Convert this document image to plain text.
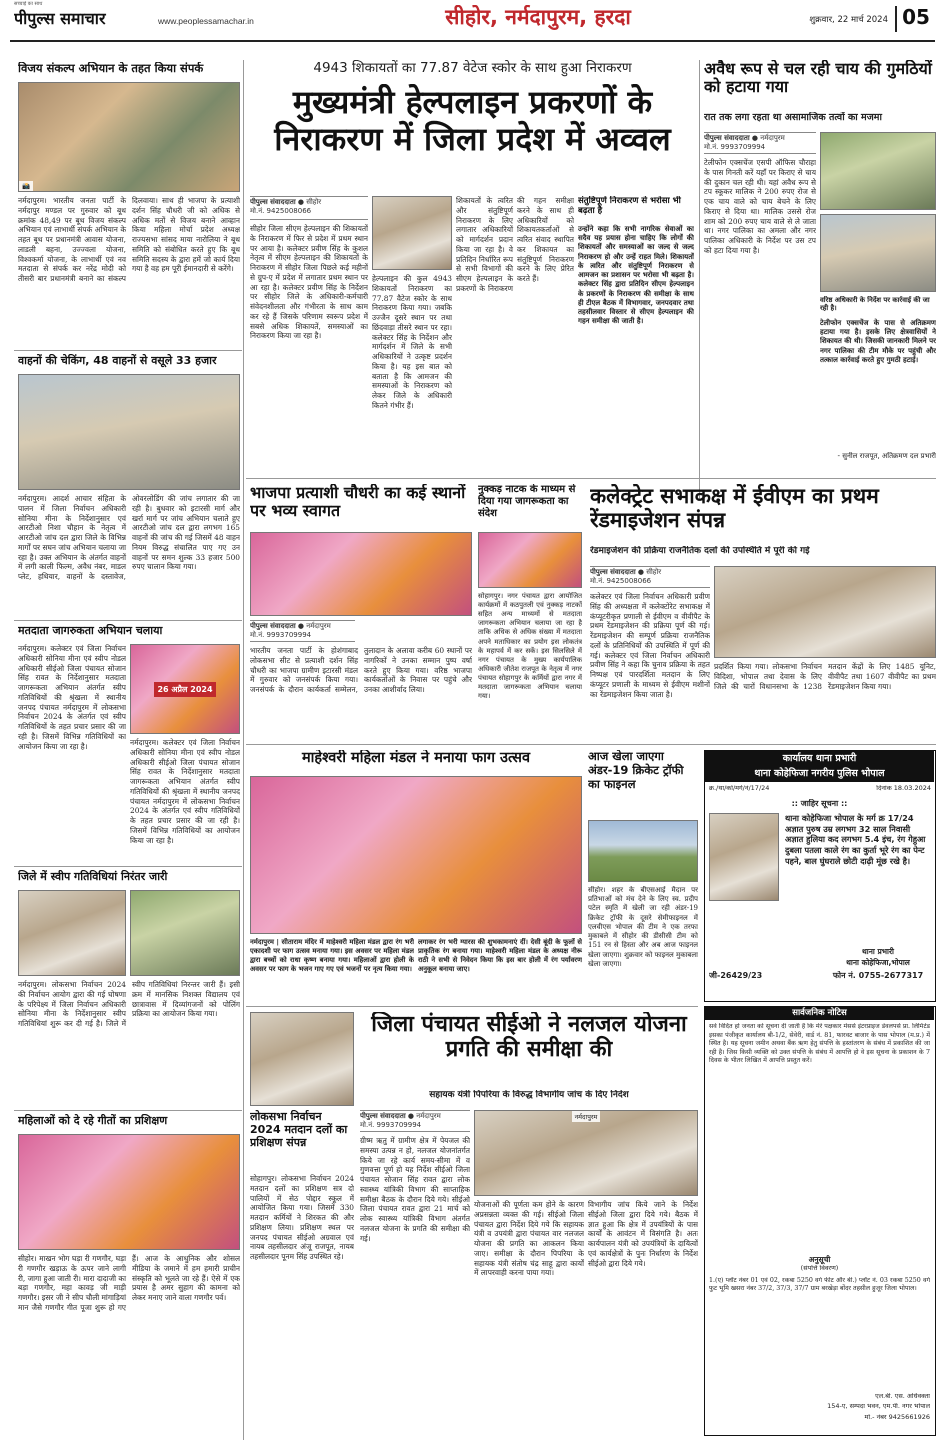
पीपुल्स समाचार
सच्चाई का साथ
www.peoplessamachar.in	सीहोर, नर्मदापुरम, हरदा	शुक्रवार, 22 मार्च 2024 05
विजय संकल्प अभियान के तहत किया संपर्क
📸
नर्मदापुरम। भारतीय जनता पार्टी के नर्मदापुर मण्डल पर गुरुवार को बूथ क्रमांक 48,49 पर बूथ विजय संकल्प अभियान एवं लाभार्थी संपर्क अभियान के तहत बूथ पर प्रधानमंत्री आवास योजना, लाडली बहना, उज्ज्वला योजना, विश्वकर्मा योजना, के लाभार्थी एवं नव मतदाता से संपर्क कर नरेंद्र मोदी को तीसरी बार प्रधानमंत्री बनाने का संकल्प दिलवाया। साथ ही भाजपा के प्रत्याशी दर्शन सिंह चौधरी जी को अधिक से अधिक मतों से विजय बनाने आव्हान किया महिला मोर्चा प्रदेश अध्यक्ष राज्यसभा सांसद माया नारोलिया ने बूथ समिति को संबोधित करते हुए कि बूथ समिति सदस्य के द्वारा हमें जो कार्य दिया गया है वह हम पूरी ईमानदारी से करेंगे।
वाहनों की चेकिंग, 48 वाहनों से वसूले 33 हजार
नर्मदापुरम। आदर्श आचार संहिता के पालन में जिला निर्वाचन अधिकारी सोनिया मीना के निर्देशानुसार एवं आरटीओ निशा चौहान के नेतृत्व में आरटीओ जांच दल द्वारा जिले के विभिन्न मार्गों पर सघन जांच अभियान चलाया जा रहा है। उक्त अभियान के अंतर्गत वाहनों में लगी काली फिल्म, अवैध नंबर, माडल प्लेट, हथियार, वाहनों के दस्तावेज, ओवरलोडिंग की जांच लगातार की जा रही है। बुधवार को इटारसी मार्ग और खर्रा मार्ग पर जांच अभियान चलाते हुए आरटीओ जांच दल द्वारा लगभग 165 वाहनों की जांच की गई जिसमें 48 वाहन नियम विरुद्ध संचालित पाए गए उन वाहनों पर समन शुल्क 33 हजार 500 रुपए चालान किया गया।
मतदाता जागरुकता अभियान चलाया
नर्मदापुरम। कलेक्टर एवं जिला निर्वाचन अधिकारी सोनिया मीना एवं स्वीप नोडल अधिकारी सीईओ जिला पंचायत सोजान सिंह रावत के निर्देशानुसार मतदाता जागरूकता अभियान अंतर्गत स्वीप गतिविधियों की श्रृंखला में स्थानीय जनपद पंचायत नर्मदापुरम में लोकसभा निर्वाचन 2024 के अंतर्गत एवं स्वीप गतिविधियों के तहत प्रचार प्रसार की जा रही है। जिसमें विभिन्न गतिविधियों का आयोजन किया जा रहा है।
26 अप्रैल 2024
नर्मदापुरम। कलेक्टर एवं जिला निर्वाचन अधिकारी सोनिया मीना एवं स्वीप नोडल अधिकारी सीईओ जिला पंचायत सोजान सिंह रावत के निर्देशानुसार मतदाता जागरूकता अभियान अंतर्गत स्वीप गतिविधियों की श्रृंखला में स्थानीय जनपद पंचायत नर्मदापुरम में लोकसभा निर्वाचन 2024 के अंतर्गत एवं स्वीप गतिविधियों के तहत प्रचार प्रसार की जा रही है। जिसमें विभिन्न गतिविधियों का आयोजन किया जा रहा है।
जिले में स्वीप गतिविधियां निरंतर जारी
नर्मदापुरम। लोकसभा निर्वाचन 2024 की निर्वाचन आयोग द्वारा की गई घोषणा के परिपेक्ष्य में जिला निर्वाचन अधिकारी सोनिया मीना के निर्देशानुसार स्वीप गतिविधियां शुरू कर दी गई है। जिले में स्वीप गतिविधियां निरन्तर जारी हैं। इसी क्रम में मानसिक निशक्त विद्यालय एवं छात्रावास में दिव्यांगजनों को पोलिंग प्रक्रिया का आयोजन किया गया।
महिलाओं को दे रहे गीतों का प्रशिक्षण
सीहोर। माखन भोग घड़ा री गणगौर, घड़ा री गणगौर खड़ाऊ के ऊपर जाने लागी री, जागा हुआ जाती री। मारा दादाजी का बड़ा गणगौर, महा कावड़ जी माड़ी गणगौर। इसर जी ने सीप चौली मांगाड़ियां मान जैसे गणगौर गीत पूजा शुरू हो गए हैं। आज के आधुनिक और शोसल मीडिया के जमाने में हम हमारी प्राचीन संस्कृति को भूलते जा रहे हैं। ऐसे में एक प्रयास है अमर सुहाग की कामना को लेकर मनाए जाने वाला गणगौर पर्व।
4943 शिकायतों का 77.87 वेटेज स्कोर के साथ हुआ निराकरण
मुख्यमंत्री हेल्पलाइन प्रकरणों के निराकरण में जिला प्रदेश में अव्वल
पीपुल्स संवाददाता ● सीहोर
मो.नं. 9425008066
सीहोर जिला सीएम हेल्पलाइन की शिकायतों के निराकरण में फिर से प्रदेश में प्रथम स्थान पर आया है। कलेक्टर प्रवीण सिंह के कुशल नेतृत्व में सीएम हेल्पलाइन की शिकायतों के निराकरण में सीहोर जिला पिछले कई महीनों से ग्रुप-ए में प्रदेश में लगातार प्रथम स्थान पर आ रहा है। कलेक्टर प्रवीण सिंह के निर्देशन पर सीहोर जिले के अधिकारी-कर्मचारी संवेदनशीलता और गंभीरता के साथ काम कर रहे हैं जिसके परिणाम स्वरूप प्रदेश में सबसे अधिक शिकायतें, समस्याओं का निराकरण किया जा रहा है।
हेल्पलाइन की कुल 4943 शिकायतों निराकरण का 77.87 वैटेज स्कोर के साथ निराकरण किया गया। जबकि उज्जैन दूसरे स्थान पर तथा छिंदवाड़ा तीसरे स्थान पर रहा। कलेक्टर सिंह के निर्देशन और मार्गदर्शन में जिले के सभी अधिकारियों ने उत्कृष्ट प्रदर्शन किया है। यह इस बात को बताता है कि आमजन की समस्याओं के निराकरण को लेकर जिले के अधिकारी कितने गंभीर हैं।
शिकायतों के त्वरित और संतुष्टिपूर्ण निराकरण के लिए लगातार अधिकारियों को मार्गदर्शन प्रदान किया जा रहा है। वे प्रतिदिन निर्धारित रूप से सभी विभागों की सीएम हेल्पलाइन के प्रकरणों के निराकरण की गहन समीक्षा करने के साथ ही अधिकारियों को शिकायतकर्ताओं से त्वरित संवाद स्थापित कर शिकायत का संतुष्टिपूर्ण निराकरण करने के लिए प्रेरित करते हैं।
संतुष्टिपूर्ण निराकरण से भरोसा भी बढ़ता है
उन्होंने कहा कि सभी नागरिक सेवाओं का सदैव यह प्रयास होना चाहिए कि लोगों की शिकायतों और समस्याओं का जल्द से जल्द निराकरण हो और उन्हें राहत मिले। शिकायतों के त्वरित और संतुष्टिपूर्ण निराकरण से आमजन का प्रशासन पर भरोसा भी बढ़ता है। कलेक्टर सिंह द्वारा प्रतिदिन सीएम हेल्पलाइन के प्रकरणों के निराकरण की समीक्षा के साथ ही टीएल बैठक में विभागवार, जनपदवार तथा तहसीलवार विस्तार से सीएम हेल्पलाइन की गहन समीक्षा की जाती है।
अवैध रूप से चल रही चाय की गुमठियों को हटाया गया
रात तक लगा रहता था असामाजिक तत्वों का मजमा
पीपुल्स संवाददाता ● नर्मदापुरम
मो.नं. 9993709994
टेलीफोन एक्सचेंज एसपी ऑफिस चौराहा के पास गिनती करें यहाँ पर किराए से चाय की दुकान चल रही थी। यहां अवैध रूप से टप स्कूकर मालिक ने 200 रुपए रोज से एक चाय वाले को चाय बेचने के लिए किराए से दिया था। मालिक उससे रोज शाम को 200 रुपए चाय वाले से ले जाता था। नगर पालिका का अमला और नगर पालिका अधिकारी के निर्देश पर उस टप को हटा दिया गया है।
वरिष्ठ अधिकारी के निर्देश पर कार्रवाई की जा रही है।
टेलीफोन एक्सचेंज के पास से अतिक्रमण हटाया गया है। इसके लिए क्षेत्रवासियों ने शिकायत की थी। जिसकी जानकारी मिलने पर नगर पालिका की टीम मौके पर पहुंची और तत्काल कार्रवाई करते हुए गुमठी हटाई।
- सुनील राजपूत, अतिक्रमण दल प्रभारी
भाजपा प्रत्याशी चौधरी का कई स्थानों पर भव्य स्वागत
पीपुल्स संवाददाता ● नर्मदापुरम
मो.नं. 9993709994
भारतीय जनता पार्टी के होशंगाबाद लोकसभा सीट से प्रत्याशी दर्शन सिंह चौधरी का भाजपा ग्रामीण इटारसी मंडल में गुरुवार को जनसंपर्क किया गया। जनसंपर्क के दौरान कार्यकर्ता सम्मेलन, तुलादान के अलावा करीब 60 स्थानों पर नागरिकों ने उनका सम्मान पुष्प वर्षा करते हुए किया गया। वरिष्ठ भाजपा कार्यकर्ताओं के निवास पर पहुंचे और उनका आशीर्वाद लिया।
नुक्कड़ नाटक के माध्यम से दिया गया जागरूकता का संदेश
सोहागपुर। नगर पंचायत द्वारा आयोजित कार्यक्रमों में कठपुतली एवं नुक्कड़ नाटकों सहित अन्य माध्यमों से मतदाता जागरूकता अभियान चलाया जा रहा है ताकि अधिक से अधिक संख्या में मतदाता अपने मताधिकार का प्रयोग इस लोकतंत्र के महापर्व में कर सकें। इस सिलसिले में नगर पंचायत के मुख्य कार्यपालिक अधिकारी जीतेश राजपूत के नेतृत्व में नगर पंचायत सोहागपुर के कर्मियों द्वारा नगर में मतदाता जागरूकता अभियान चलाया गया।
कलेक्ट्रेट सभाकक्ष में ईवीएम का प्रथम रेंडमाइजेशन संपन्न
रेंडमाइजेशन की प्रक्रिया राजनैतिक दलों की उपस्थिति में पूरी की गई
पीपुल्स संवाददाता ● सीहोर
मो.नं. 9425008066
कलेक्टर एवं जिला निर्वाचन अधिकारी प्रवीण सिंह की अध्यक्षता में कलेक्टोरेट सभाकक्ष में कंप्यूटरीकृत प्रणाली से ईवीएम व वीवीपैट के प्रथम रेंडमाइजेशन की प्रक्रिया पूर्ण की गई। रेंडमाइजेशन की सम्पूर्ण प्रक्रिया राजनैतिक दलों के प्रतिनिधियों की उपस्थिति में पूर्ण की गई। कलेक्टर एवं जिला निर्वाचन अधिकारी प्रवीण सिंह ने कहा कि चुनाव प्रक्रिया के तहत निष्पक्ष एवं पारदर्शिता मतदान के लिए कंप्यूटर प्रणाली के माध्यम से ईवीएम मशीनों का रेंडमाइजेशन किया जाता है।
प्रदर्शित किया गया। लोकसभा निर्वाचन विदिशा, भोपाल तथा देवास के लिए जिले की चारों विधानसभा के 1238 मतदान केंद्रों के लिए 1485 यूनिट, वीवीपैट तथा 1607 वीवीपैट का प्रथम रेंडमाइजेशन किया गया।
माहेश्वरी महिला मंडल ने मनाया फाग उत्सव
नर्मदापुरम | सीताराम मंदिर में माहेश्वरी महिला मंडल द्वारा रंग भरी एकादशी पर फाग उत्सव मनाया गया। इस अवसर पर महिला मंडल द्वारा बच्चों को राधा कृष्ण बनाया गया। महिलाओं द्वारा होली के अवसर पर फाग के भजन गाए गए एवं भजनों पर नृत्य किया गया।
लगाकर रंग भरी ग्यारस की शुभकामनाएं दीं। देसी बूंदी के फूलों से प्राकृतिक रंग बनाया गया। माहेश्वरी महिला मंडल के अध्यक्ष नीरू राठी ने सभी से निवेदन किया कि इस बार होली में रंग पर्यावरण अनुकूल बनाया जाए।
आज खेला जाएगा अंडर-19 क्रिकेट ट्रॉफी का फाइनल
सीहोर। शहर के बीएसआई मैदान पर प्रतिभाओं को मंच देने के लिए स्व. प्रदीप पटेल स्मृति में खेली जा रही अंडर-19 क्रिकेट ट्रॉफी के दूसरे सेमीफाइनल में एलवीएस भोपाल की टीम ने एक तरफा मुकाबले में सीहोर की डीसीसी टीम को 151 रन से हिस्ता और अब आज फाइनल खेला जाएगा। शुक्रवार को फाइनल मुकाबला खेला जाएगा।
कार्यालय थाना प्रभारी
थाना कोहेफिजा नगरीय पुलिस भोपाल
क्र./था/को/मर्ग/नं/17/24	दिनांक 18.03.2024
:: जाहिर सूचना ::
थाना कोहेफिजा भोपाल के मर्ग क्र 17/24 अज्ञात पुरुष उम्र लगभग 32 साल निवासी अज्ञात हुलिया कद लगभग 5.4 इंच, रंग गेहुआ दुबला पतला काले रंग का कुर्ता भूरे रंग का पेन्ट पहने, बाल घुंघराले छोटी दाढ़ी मूंछ रखे है।
थाना प्रभारी
थाना कोहेफिजा,भोपाल
फोन नं. 0755-2677317
जी-26429/23
सार्वजनिक नोटिस
सर्व विदित हो जनता को सूचना दी जाती है कि मेरे पक्षकार मेसर्स इंटरप्राइज डेवलपर्स प्रा. लिमिटेड इसका पंजीकृत कार्यालय बी-1/2, सेवेरी, वार्ड नं. 81, फारवट बाजार के पास भोपाल (म.प्र.) में स्थित है। यह सूचना जमीन अथवा बैंक ऋण हेतु संपत्ति के हस्तांतरण के संबंध में प्रकाशित की जा रही है। जिस किसी व्यक्ति को उक्त संपत्ति के संबंध में आपत्ति हो वे इस सूचना के प्रकाशन के 7 दिवस के भीतर लिखित में आपत्ति प्रस्तुत करें।
अनुसूची
(संपत्ति विवरण)
1.(ए) प्लॉट नंबर 01 एवं 02, रकबा 5250 वर्ग फीट और बी.) प्लॉट नं. 03 रकबा 5250 वर्ग फुट भूमि खसरा नंबर 37/2, 37/3, 37/7 ग्राम बरखेड़ा बोंदर तहसील हुजूर जिला भोपाल।
एल.बी. एस. अधिवक्ता
154-ए, सम्पदा भवन, एम.पी. नगर भोपाल
मो.- नंबर 9425661926
लोकसभा निर्वाचन 2024 मतदान दलों का प्रशिक्षण संपन्न
सोहागपुर। लोकसभा निर्वाचन 2024 मतदान दलों का प्रशिक्षण सत्र दो पालियों में सेठ पोद्दार स्कूल में आयोजित किया गया। जिसमें 330 मतदान कर्मियों ने शिरकत की और प्रशिक्षण लिया। प्रशिक्षण स्थल पर जनपद पंचायत सीईओ अग्रवाल एवं नायब तहसीलदार अंजू राजपूत, नायब तहसीलदार पूनम सिंह उपस्थित रहे।
जिला पंचायत सीईओ ने नलजल योजना प्रगति की समीक्षा की
सहायक यंत्री पिपरिया के विरुद्ध विभागीय जांच के दिए निर्देश
पीपुल्स संवाददाता ● नर्मदापुरम
मो.नं. 9993709994
नर्मदापुरम
ग्रीष्म ऋतु में ग्रामीण क्षेत्र में पेयजल की समस्या उत्पन्न न हो, नलजल योजनांतर्गत किये जा रहे कार्य समय-सीमा में व गुणवत्ता पूर्ण हो यह निर्देश सीईओ जिला पंचायत सोजान सिंह रावत द्वारा लोक स्वास्थ्य यांत्रिकी विभाग की साप्ताहिक समीक्षा बैठक के दौरान दिये गये। सीईओ जिला पंचायत रावत द्वारा 21 मार्च को लोक स्वास्थ्य यांत्रिकी विभाग अंतर्गत नलजल योजना के प्रगति की समीक्षा की गई।
योजनाओं की पूर्णता कम होने के कारण अप्रसन्नता व्यक्त की गई। सीईओ जिला पंचायत द्वारा निर्देश दिये गये कि सहायक यंत्री व उपयंत्री द्वारा पंचायत वार नलजल योजना की प्रगति का आकलन किया जाए। समीक्षा के दौरान पिपरिया के सहायक यंत्री संतोष चंद्र साहू द्वारा कार्यों में लापरवाही करना पाया गया।
विभागीय जांच किये जाने के निर्देश सीईओ जिला द्वारा दिये गये। बैठक में ज्ञात हुआ कि क्षेत्र में उपयंत्रियों के पास कार्यों के आवंटन में विसंगति है। अतः कार्यपालन यंत्री को उपयंत्रियों के दायित्वों एवं कार्यक्षेत्रों के पुनः निर्धारण के निर्देश सीईओ द्वारा दिये गये।
